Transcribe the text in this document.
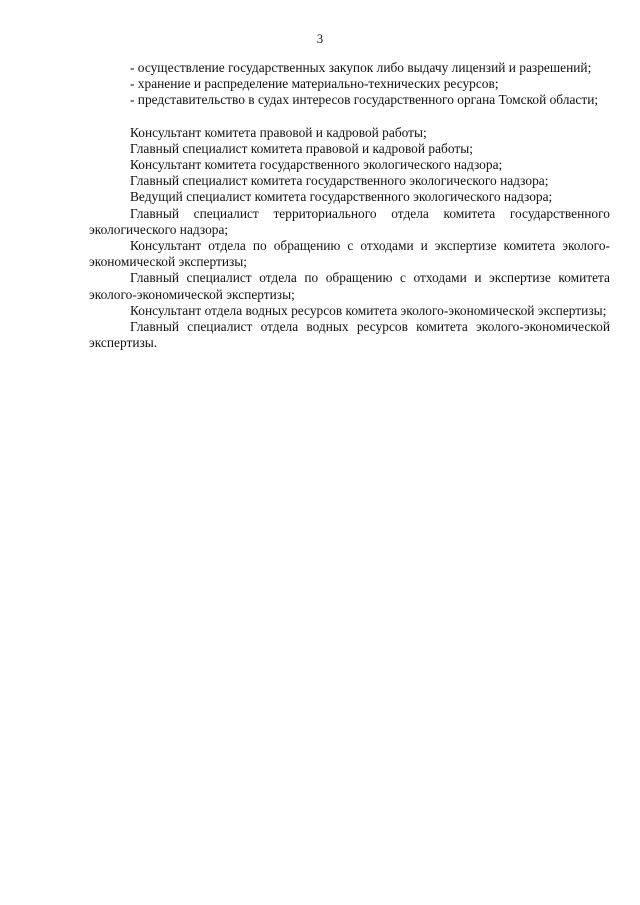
3

- осуществление государственных закупок либо выдачу лицензий и разрешений;

- хранение и распределение материально-технических ресурсов;

- представительство в судах интересов государственного органа Томской области;

Консультант комитета правовой и кадровой работы;

Главный специалист комитета правовой и кадровой работы;

Консультант комитета государственного экологического надзора;

Главный специалист комитета государственного экологического надзора;

Ведущий специалист комитета государственного экологического надзора;

Главный специалист территориального отдела комитета государственного экологического надзора;

Консультант отдела по обращению с отходами и экспертизе комитета эколого-экономической экспертизы;

Главный специалист отдела по обращению с отходами и экспертизе комитета эколого-экономической экспертизы;

Консультант отдела водных ресурсов комитета эколого-экономической экспертизы;

Главный специалист отдела водных ресурсов комитета эколого-экономической экспертизы.
